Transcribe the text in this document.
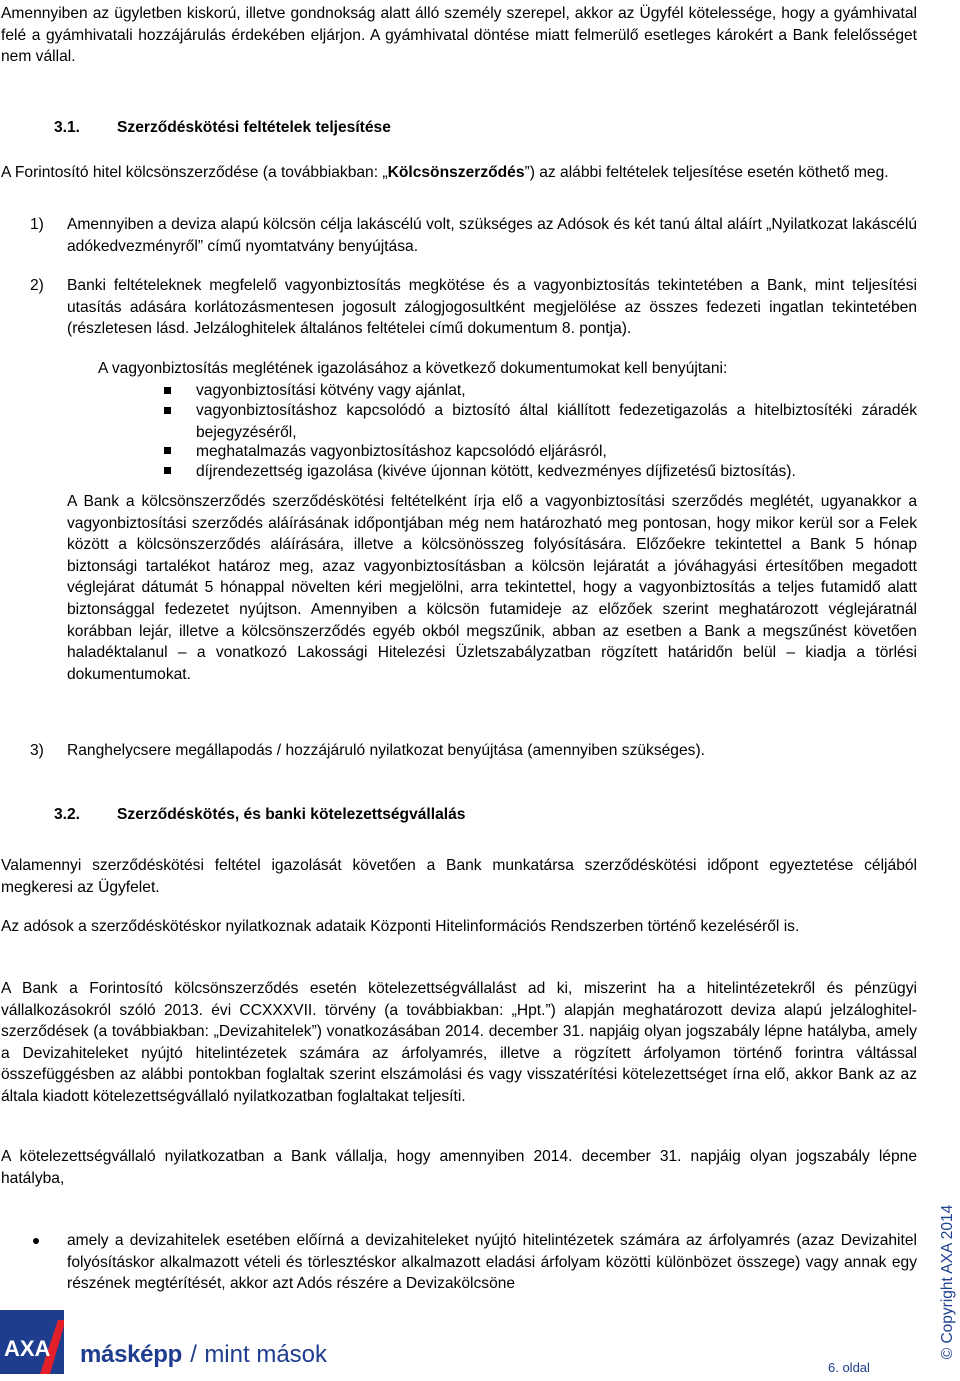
Amennyiben az ügyletben kiskorú, illetve gondnokság alatt álló személy szerepel, akkor az Ügyfél kötelessége, hogy a gyámhivatal felé a gyámhivatali hozzájárulás érdekében eljárjon. A gyámhivatal döntése miatt felmerülő esetleges károkért a Bank felelősséget nem vállal.

3.1. Szerződéskötési feltételek teljesítése

A Forintosító hitel kölcsönszerződése (a továbbiakban: „Kölcsönszerződés”) az alábbi feltételek teljesítése esetén köthető meg.

1) Amennyiben a deviza alapú kölcsön célja lakáscélú volt, szükséges az Adósok és két tanú által aláírt „Nyilatkozat lakáscélú adókedvezményről” című nyomtatvány benyújtása.

2) Banki feltételeknek megfelelő vagyonbiztosítás megkötése és a vagyonbiztosítás tekintetében a Bank, mint teljesítési utasítás adására korlátozásmentesen jogosult zálogjogosultként megjelölése az összes fedezeti ingatlan tekintetében (részletesen lásd. Jelzáloghitelek általános feltételei című dokumentum 8. pontja).

A vagyonbiztosítás meglétének igazolásához a következő dokumentumokat kell benyújtani:

vagyonbiztosítási kötvény vagy ajánlat,

vagyonbiztosításhoz kapcsolódó a biztosító által kiállított fedezetigazolás a hitelbiztosítéki záradék bejegyzéséről,

meghatalmazás vagyonbiztosításhoz kapcsolódó eljárásról,

díjrendezettség igazolása (kivéve újonnan kötött, kedvezményes díjfizetésű biztosítás).

A Bank a kölcsönszerződés szerződéskötési feltételként írja elő a vagyonbiztosítási szerződés meglétét, ugyanakkor a vagyonbiztosítási szerződés aláírásának időpontjában még nem határozható meg pontosan, hogy mikor kerül sor a Felek között a kölcsönszerződés aláírására, illetve a kölcsönösszeg folyósítására. Előzőekre tekintettel a Bank 5 hónap biztonsági tartalékot határoz meg, azaz vagyonbiztosításban a kölcsön lejáratát a jóváhagyási értesítőben megadott véglejárat dátumát 5 hónappal növelten kéri megjelölni, arra tekintettel, hogy a vagyonbiztosítás a teljes futamidő alatt biztonsággal fedezetet nyújtson. Amennyiben a kölcsön futamideje az előzőek szerint meghatározott véglejáratnál korábban lejár, illetve a kölcsönszerződés egyéb okból megszűnik, abban az esetben a Bank a megszűnést követően haladéktalanul – a vonatkozó Lakossági Hitelezési Üzletszabályzatban rögzített határidőn belül – kiadja a törlési dokumentumokat.

3) Ranghelycsere megállapodás / hozzájáruló nyilatkozat benyújtása (amennyiben szükséges).

3.2. Szerződéskötés, és banki kötelezettségvállalás

Valamennyi szerződéskötési feltétel igazolását követően a Bank munkatársa szerződéskötési időpont egyeztetése céljából megkeresi az Ügyfelet.

Az adósok a szerződéskötéskor nyilatkoznak adataik Központi Hitelinformációs Rendszerben történő kezeléséről is.

A Bank a Forintosító kölcsönszerződés esetén kötelezettségvállalást ad ki, miszerint ha a hitelintézetekről és pénzügyi vállalkozásokról szóló 2013. évi CCXXXVII. törvény (a továbbiakban: „Hpt.”) alapján meghatározott deviza alapú jelzáloghitel-szerződések (a továbbiakban: „Devizahitelek”) vonatkozásában 2014. december 31. napjáig olyan jogszabály lépne hatályba, amely a Devizahiteleket nyújtó hitelintézetek számára az árfolyamrés, illetve a rögzített árfolyamon történő forintra váltással összefüggésben az alábbi pontokban foglaltak szerint elszámolási és vagy visszatérítési kötelezettséget írna elő, akkor Bank az az általa kiadott kötelezettségvállaló nyilatkozatban foglaltakat teljesíti.

A kötelezettségvállaló nyilatkozatban a Bank vállalja, hogy amennyiben 2014. december 31. napjáig olyan jogszabály lépne hatályba,

amely a devizahitelek esetében előírná a devizahiteleket nyújtó hitelintézetek számára az árfolyamrés (azaz Devizahitel folyósításkor alkalmazott vételi és törlesztéskor alkalmazott eladási árfolyam közötti különbözet összege) vagy annak egy részének megtérítését, akkor azt Adós részére a Devizakölcsöne	© Copyright AXA 2014
AXA másképp / mint mások	6. oldal
